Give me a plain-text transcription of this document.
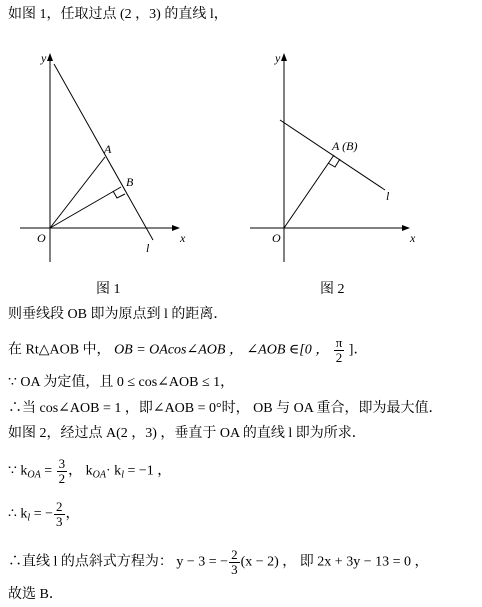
如图 1，任取过点 (2 ，3) 的直线 l，
y
A
B
O	x
l
图 1
y
A (B)
O	x
l
图 2
则垂线段 OB 即为原点到 l 的距离．
在 Rt△AOB 中， OB = OAcos∠AOB ， ∠AOB ∈[0 ， $\frac{\pi}{2}$ ]．
∵ OA 为定值，且 0 ≤ cos∠AOB ≤ 1，
∴当 cos∠AOB = 1 ，即∠AOB = 0°时， OB 与 OA 重合，即为最大值．
如图 2，经过点 A(2 ，3) ，垂直于 OA 的直线 l 即为所求．
∵ $k_{OA} = \frac{3}{2}$ ， $k_{OA}\cdot k_l = -1$ ，
∴ $k_l$ = − $\frac{2}{3}$ ，
∴直线 l 的点斜式方程为： y − 3 = − $\frac{2}{3} (x - 2)$ ， 即 2x + 3y − 13 = 0 ，
故选 B．
